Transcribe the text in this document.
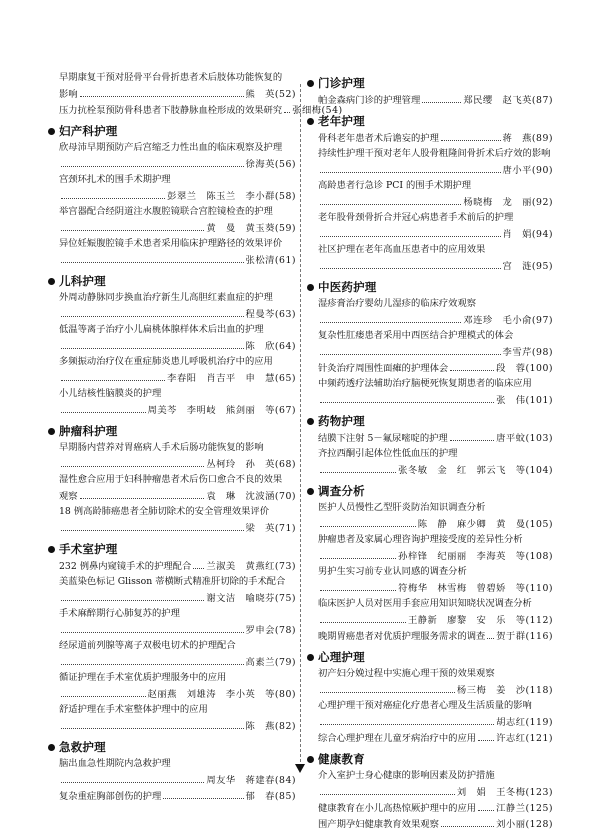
早期康复干预对胫骨平台骨折患者术后肢体功能恢复的
影响	熊　英(52)
压力抗栓泵预防骨科患者下肢静脉血栓形成的效果研究 张细梅(54)
妇产科护理
欣母沛早期预防产后宫缩乏力性出血的临床观察及护理
徐海英(56)
宫颈环扎术的围手术期护理
彭翠兰　陈玉兰　李小群(58)
举宫器配合经阴道注水腹腔镜联合宫腔镜检查的护理
黄　曼　黄玉葵(59)
异位妊娠腹腔镜手术患者采用临床护理路径的效果评价
张松清(61)
儿科护理
外周动静脉同步换血治疗新生儿高胆红素血症的护理
程曼芩(63)
低温等离子治疗小儿扁桃体腺样体术后出血的护理
陈　欣(64)
多频振动治疗仪在重症肺炎患儿呼吸机治疗中的应用
李春阳　肖吉平　申　慧(65)
小儿结核性脑膜炎的护理
周美芩　李明岐　熊剑丽　等(67)
肿瘤科护理
早期肠内营养对胃癌病人手术后肠功能恢复的影响
丛柯玲　孙　英(68)
湿性愈合应用于妇科肿瘤患者术后伤口愈合不良的效果
观察	袁　琳　沈波涵(70)
18 例高龄肺癌患者全肺切除术的安全管理效果评价
梁　英(71)
手术室护理
232 例鼻内窥镜手术的护理配合 兰淑美　黄燕红(73)
美蓝染色标记 Glisson 蒂横断式精准肝切除的手术配合
谢文洁　喻晓芬(75)
手术麻醉期行心肺复苏的护理
罗申会(78)
经尿道前列腺等离子双极电切术的护理配合
高素兰(79)
循证护理在手术室优质护理服务中的应用
赵丽燕　刘雄涛　李小英　等(80)
舒适护理在手术室整体护理中的应用
陈　燕(82)
急救护理
脑出血急性期院内急救护理
周友华　蒋建春(84)
复杂重症胸部创伤的护理	郁　春(85)
门诊护理
帕金森病门诊的护理管理	郑民缨　赵飞英(87)
老年护理
骨科老年患者术后谵妄的护理	蒋　燕(89)
持续性护理干预对老年人股骨粗隆间骨折术后疗效的影响
唐小平(90)
高龄患者行急诊 PCI 的围手术期护理
杨晓梅　龙　丽(92)
老年股骨颈骨折合并冠心病患者手术前后的护理
肖　娟(94)
社区护理在老年高血压患者中的应用效果
宫　涟(95)
中医药护理
湿疹膏治疗婴幼儿湿疹的临床疗效观察
邓连珍　毛小俞(97)
复杂性肛瘘患者采用中西医结合护理模式的体会
李雪芹(98)
针灸治疗周围性面瘫的护理体会	段　蓉(100)
中频药透疗法辅助治疗脑梗死恢复期患者的临床应用
张　伟(101)
药物护理
结膜下注射 5－氟尿嘧啶的护理	唐平蚊(103)
齐拉西酮引起体位性低血压的护理
张冬敏　金　红　郭云飞　等(104)
调查分析
医护人员慢性乙型肝炎防治知识调查分析
陈　静　麻少卿　黄　曼(105)
肿瘤患者及家属心理咨询护理接受度的差异性分析
孙梓锋　纪丽丽　李海英　等(108)
男护生实习前专业认同感的调查分析
符梅华　林雪梅　曾碧娇　等(110)
临床医护人员对医用手套应用知识知晓状况调查分析
王静新　廖黎　安　乐　等(112)
晚期胃癌患者对优质护理服务需求的调查 贺于群(116)
心理护理
初产妇分娩过程中实施心理干预的效果观察
杨三梅　姜　沙(118)
心理护理干预对癌症化疗患者心理及生活质量的影响
胡志红(119)
综合心理护理在儿童牙病治疗中的应用 许志红(121)
健康教育
介入室护士身心健康的影响因素及防护措施
刘　娟　王冬梅(123)
健康教育在小儿高热惊厥护理中的应用 江静兰(125)
围产期孕妇健康教育效果观察	刘小丽(128)
